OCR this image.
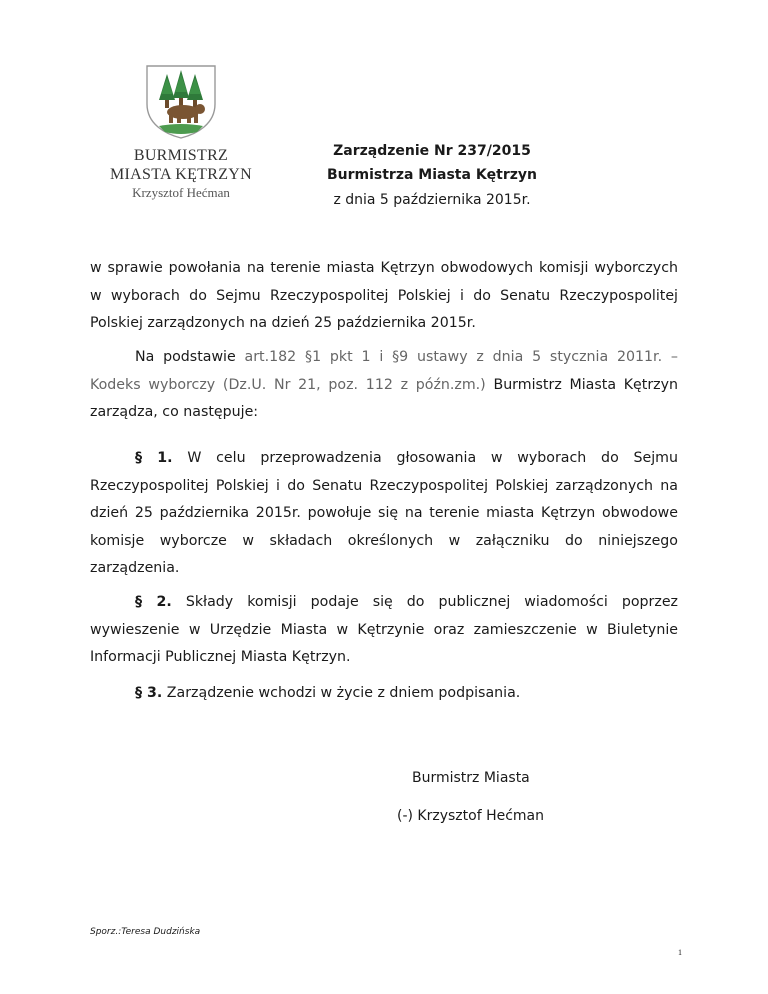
BURMISTRZ
MIASTA KĘTRZYN
Krzysztof Hećman
Zarządzenie Nr 237/2015
Burmistrza Miasta Kętrzyn
z dnia 5 października 2015r.
w sprawie powołania na terenie miasta Kętrzyn obwodowych komisji wyborczych
w wyborach do Sejmu Rzeczypospolitej Polskiej i do Senatu Rzeczypospolitej
Polskiej zarządzonych na dzień 25 października 2015r.
Na podstawie art.182 §1 pkt 1 i §9 ustawy z dnia 5 stycznia 2011r. –
Kodeks wyborczy (Dz.U. Nr 21, poz. 112 z późn.zm.) Burmistrz Miasta Kętrzyn
zarządza, co następuje:
§ 1. W celu przeprowadzenia głosowania w wyborach do Sejmu
Rzeczypospolitej Polskiej i do Senatu Rzeczypospolitej Polskiej zarządzonych na
dzień 25 października 2015r. powołuje się na terenie miasta Kętrzyn obwodowe
komisje wyborcze w składach określonych w załączniku do niniejszego
zarządzenia.
§ 2. Składy komisji podaje się do publicznej wiadomości poprzez
wywieszenie w Urzędzie Miasta w Kętrzynie oraz zamieszczenie w Biuletynie
Informacji Publicznej Miasta Kętrzyn.
§ 3. Zarządzenie wchodzi w życie z dniem podpisania.
Burmistrz Miasta
(-) Krzysztof Hećman
Sporz.:Teresa Dudzińska
1
